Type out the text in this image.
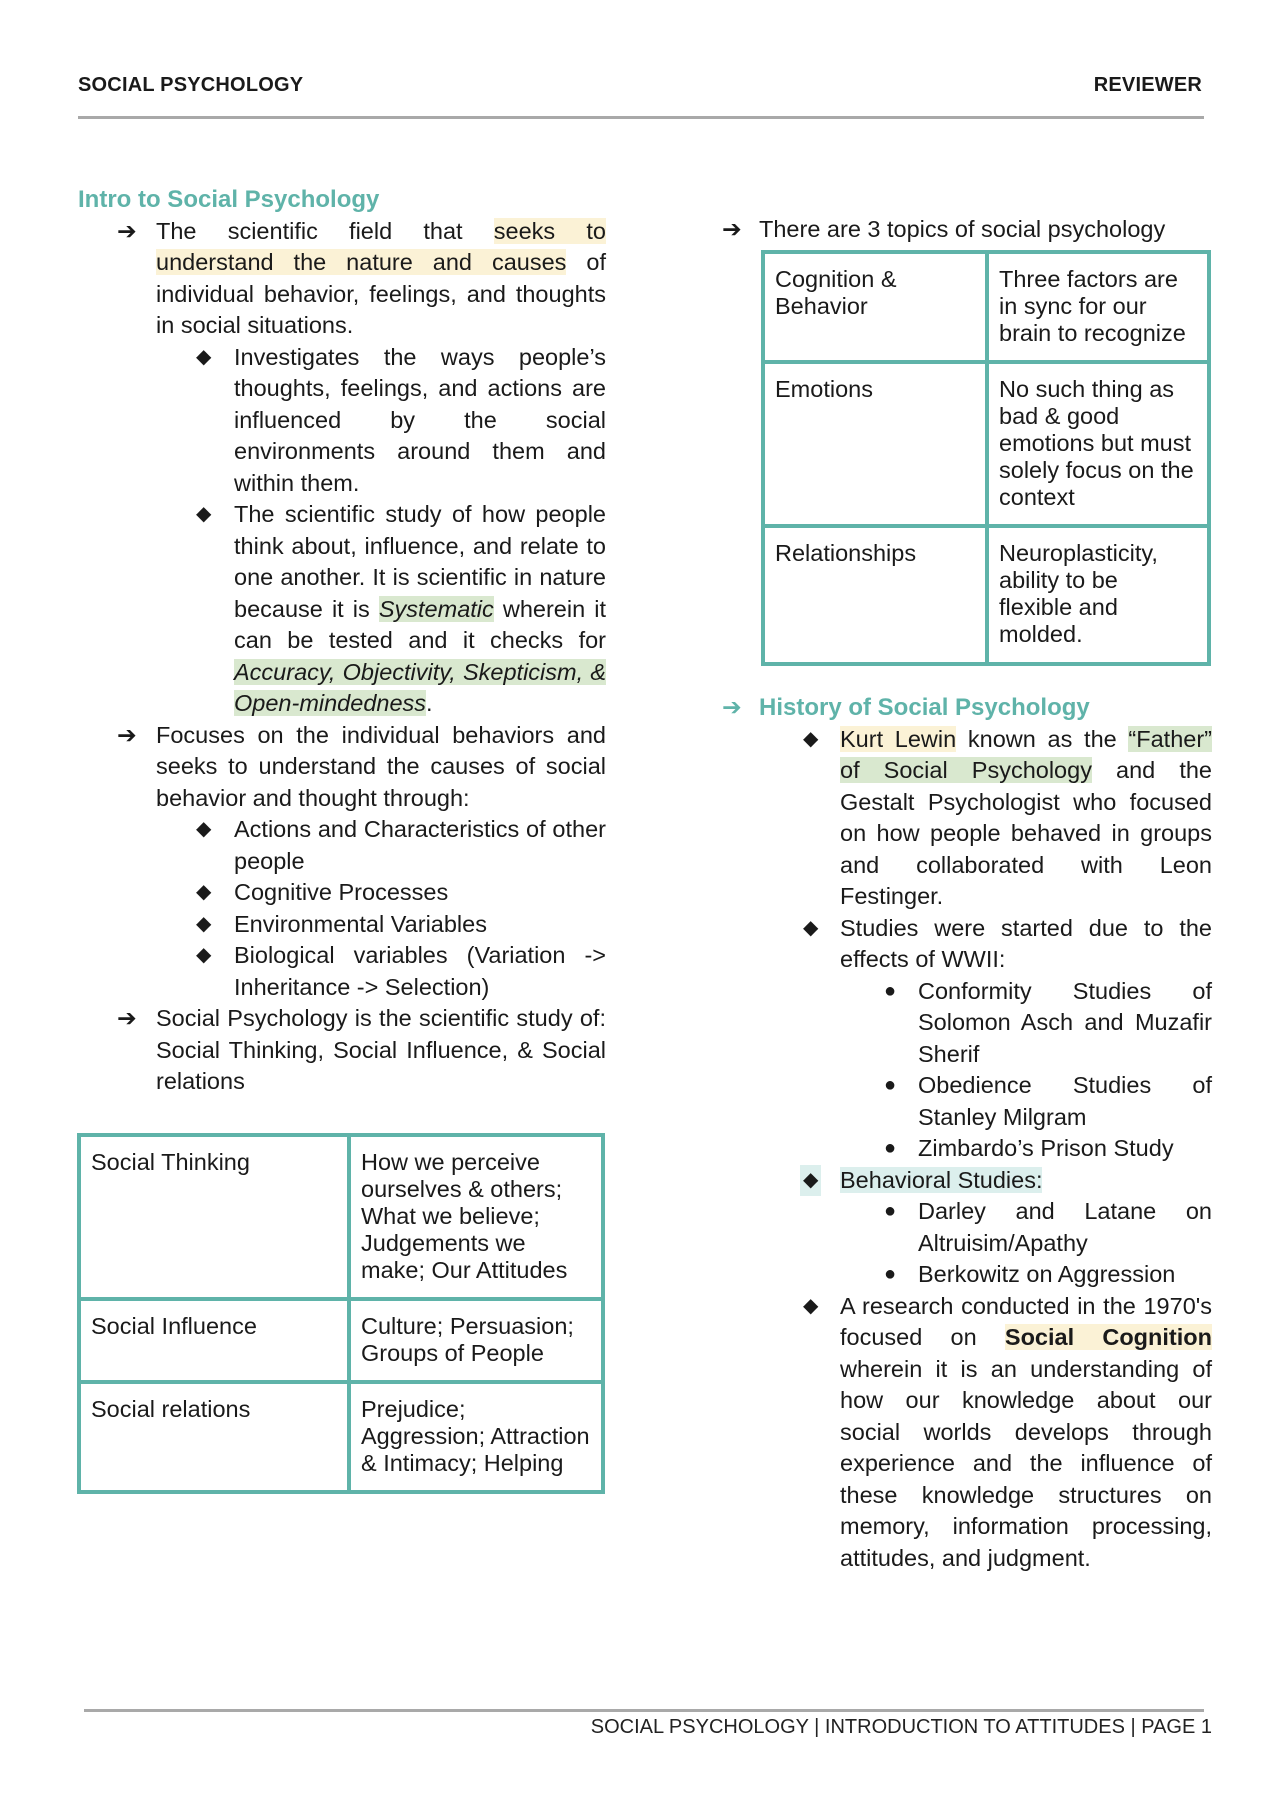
SOCIAL PSYCHOLOGY	REVIEWER

Intro to Social Psychology

➔ The scientific field that seeks to understand the nature and causes of individual behavior, feelings, and thoughts in social situations.

◆ Investigates the ways people’s thoughts, feelings, and actions are influenced by the social environments around them and within them.

◆ The scientific study of how people think about, influence, and relate to one another. It is scientific in nature because it is Systematic wherein it can be tested and it checks for Accuracy, Objectivity, Skepticism, & Open-mindedness.

➔ Focuses on the individual behaviors and seeks to understand the causes of social behavior and thought through:

◆ Actions and Characteristics of other people

◆ Cognitive Processes

◆ Environmental Variables

◆ Biological variables (Variation -> Inheritance -> Selection)

➔ Social Psychology is the scientific study of: Social Thinking, Social Influence, & Social relations

Social Thinking	How we perceive ourselves & others; What we believe; Judgements we make; Our Attitudes
Social Influence	Culture; Persuasion; Groups of People
Social relations	Prejudice; Aggression; Attraction & Intimacy; Helping

➔ There are 3 topics of social psychology

Cognition & Behavior	Three factors are in sync for our brain to recognize
Emotions	No such thing as bad & good emotions but must solely focus on the context
Relationships	Neuroplasticity, ability to be flexible and molded.

➔ History of Social Psychology

◆ Kurt Lewin known as the “Father” of Social Psychology and the Gestalt Psychologist who focused on how people behaved in groups and collaborated with Leon Festinger.

◆ Studies were started due to the effects of WWII:

● Conformity Studies of Solomon Asch and Muzafir Sherif

● Obedience Studies of Stanley Milgram

● Zimbardo’s Prison Study

◆ Behavioral Studies:

● Darley and Latane on Altruisim/Apathy

● Berkowitz on Aggression

◆ A research conducted in the 1970's focused on Social Cognition wherein it is an understanding of how our knowledge about our social worlds develops through experience and the influence of these knowledge structures on memory, information processing, attitudes, and judgment.

SOCIAL PSYCHOLOGY | INTRODUCTION TO ATTITUDES | PAGE 1
